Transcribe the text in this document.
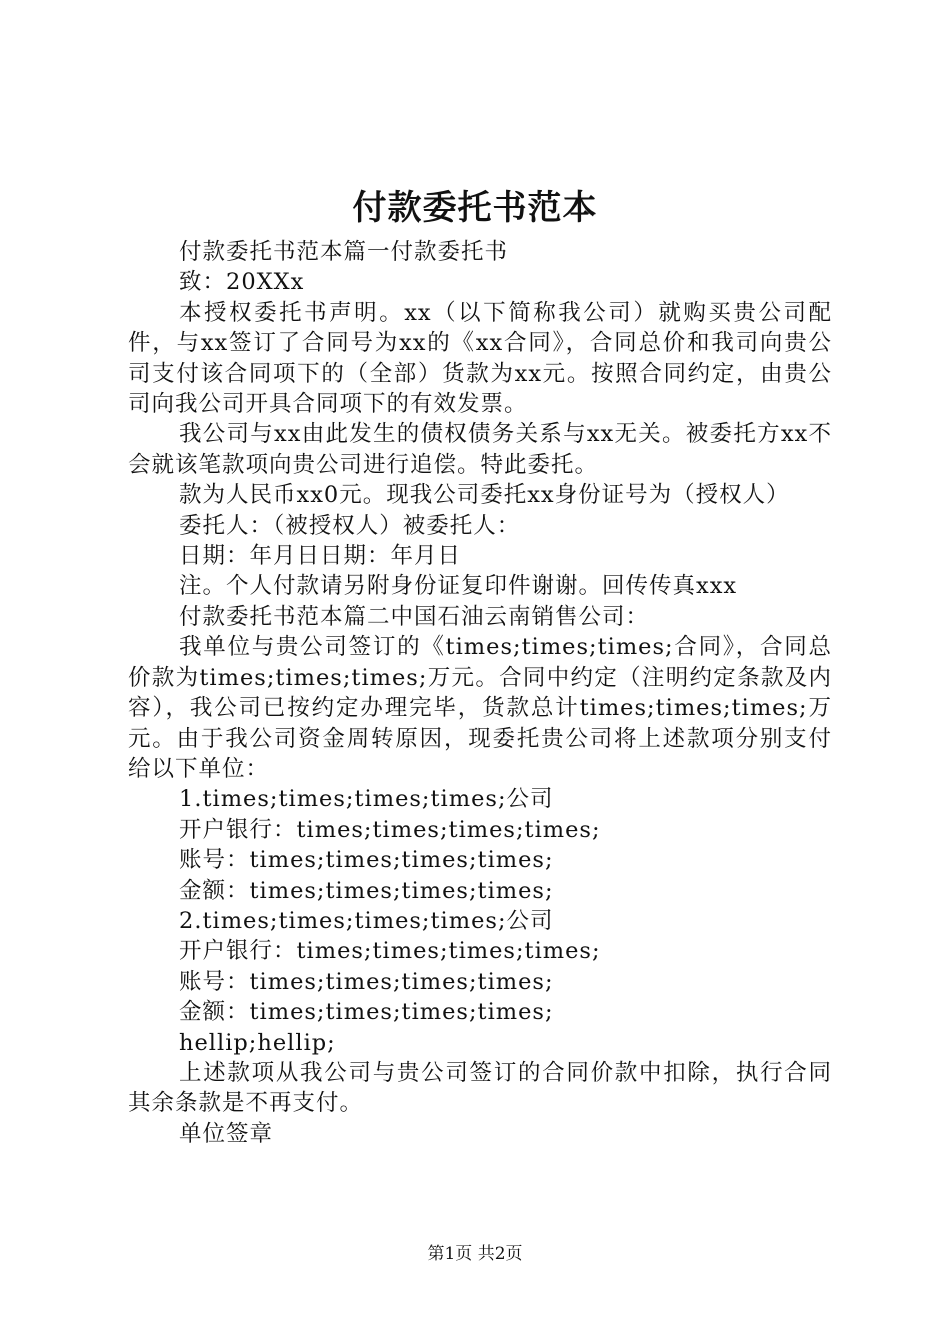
付款委托书范本

付款委托书范本篇一付款委托书

致：20XXx

本授权委托书声明。xx（以下简称我公司）就购买贵公司配件，与xx签订了合同号为xx的《xx合同》，合同总价和我司向贵公司支付该合同项下的（全部）货款为xx元。按照合同约定，由贵公司向我公司开具合同项下的有效发票。

我公司与xx由此发生的债权债务关系与xx无关。被委托方xx不会就该笔款项向贵公司进行追偿。特此委托。

款为人民币xx0元。现我公司委托xx身份证号为（授权人）

委托人：（被授权人）被委托人：

日期：年月日日期：年月日

注。个人付款请另附身份证复印件谢谢。回传传真xxx

付款委托书范本篇二中国石油云南销售公司：

我单位与贵公司签订的《times;times;times;合同》，合同总价款为times;times;times;万元。合同中约定（注明约定条款及内容），我公司已按约定办理完毕，货款总计times;times;times;万元。由于我公司资金周转原因，现委托贵公司将上述款项分别支付给以下单位：

1.times;times;times;times;公司

开户银行：times;times;times;times;

账号：times;times;times;times;

金额：times;times;times;times;

2.times;times;times;times;公司

开户银行：times;times;times;times;

账号：times;times;times;times;

金额：times;times;times;times;

hellip;hellip;

上述款项从我公司与贵公司签订的合同价款中扣除，执行合同其余条款是不再支付。

单位签章

第1页 共2页
